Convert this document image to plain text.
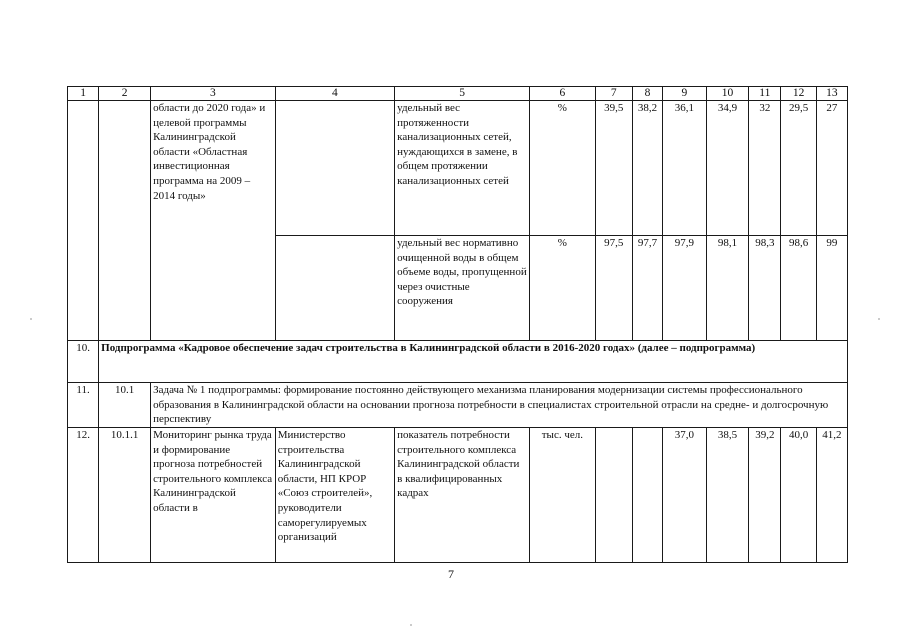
1	2	3	4	5	6	7	8	9	10	11	12	13
		области до 2020 года» и целевой программы Калининградской области «Областная инвестиционная программа на 2009 – 2014 годы»		удельный вес протяженности канализационных сетей, нуждающихся в замене, в общем протяжении канализационных сетей	%	39,5	38,2	36,1	34,9	32	29,5	27
				удельный вес нормативно очищенной воды в общем объеме воды, пропущенной через очистные сооружения	%	97,5	97,7	97,9	98,1	98,3	98,6	99
10.	Подпрограмма «Кадровое обеспечение задач строительства в Калининградской области в 2016-2020 годах» (далее – подпрограмма)											
11.	10.1	Задача № 1 подпрограммы: формирование постоянно действующего механизма планирования модернизации системы профессионального образования в Калининградской области на основании прогноза потребности в специалистах строительной отрасли на средне- и долгосрочную перспективу										
12.	10.1.1	Мониторинг рынка труда и формирование прогноза потребностей строительного комплекса Калининградской области в	Министерство строительства Калининградской области, НП КРОР «Союз строителей», руководители саморегулируемых организаций	показатель потребности строительного комплекса Калининградской области в квалифицированных кадрах	тыс. чел.			37,0	38,5	39,2	40,0	41,2
7
